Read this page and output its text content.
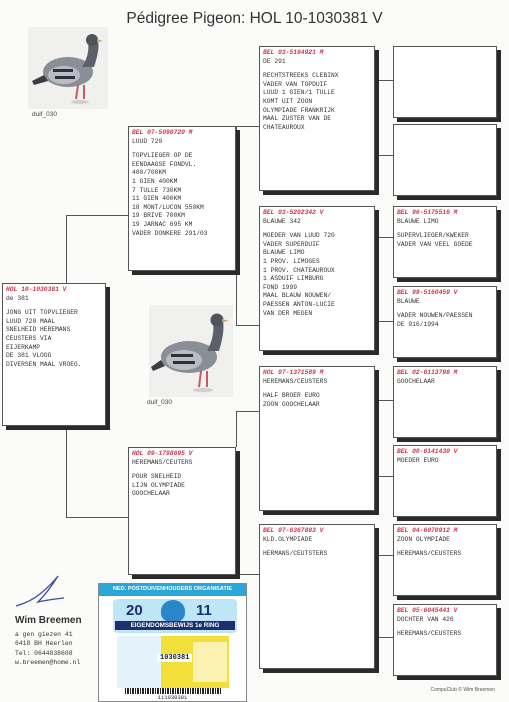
Pédigree Pigeon: HOL 10-1030381 V
duif_030
duif_030
HOL 10-1030381 V
de 381
JONG UIT TOPVLIEGER
LUUD 720 MAAL
SNELHEID HEREMANS
CEUSTERS VIA
EIJERKAMP
DE 381 VLOOG
DIVERSEN MAAL VROEG.
BEL 07-5090720 M
LUUD 720
TOPVLIEGER OP DE
EENDAAGSE FONDVL.
400/700KM
1 GIEN 400KM
7 TULLE 730KM
11 GIEN 400KM
18 MONT/LUCON 550KM
19 BRIVE 700KM
19 JARNAC 695 KM
VADER DONKERE 291/03
HOL 09-1798695 V
HEREMANS/CEUTERS
POUR SNELHEID
LIJN OLYMPIADE
GOOCHELAAR
BEL 03-5194921 M
DE 291
RECHTSTREEKS CLEBINX
VADER VAN TOPDUIF
LUUD 1 GIEN/1 TULLE
KOMT UIT ZOON
OLYMPIADE FRANKRIJK
MAAL ZUSTER VAN DE
CHATEAUROUX
BEL 03-5202342 V
BLAUWE 342
MOEDER VAN LUUD 720
VADER SUPERDUIF
BLAUWE LIMO
1 PROV. LIMOGES
1 PROV. CHATEAUROUX
1 ASDUIF LIMBURG
FOND 1999
MAAL BLAUW NOUWEN/
PAESSEN ANTON-LUCIE
VAN DER MEGEN
HOL 07-1371589 M
HEREMANS/CEUSTERS
HALF BROER EURO
ZOON GOOCHELAAR
BEL 07-6367883 V
KLD.OLYMPIADE
HERMANS/CEUTSTERS
BEL 96-5175516 M
BLAUWE LIMO
SUPERVLIEGER/KWEKER
VADER VAN VEEL GOEDE
BEL 99-5160459 V
BLAUWE
VADER NOUWEN/PAESSEN
DE 916/1994
BEL 02-6113798 M
GOOCHELAAR
BEL 00-6141430 V
MOEDER EURO
BEL 04-6070912 M
ZOON OLYMPIADE
HEREMANS/CEUSTERS
BEL 05-6045441 V
DOCHTER VAN 426
HEREMANS/CEUSTERS
Wim Breemen
a gen giezen 41
6418 BH Heerlen
Tel: 0644838608
w.breemen@home.nl
NED. POSTDUIVENHOUDERS ORGANISATIE
20	11
EIGENDOMSBEWIJS 1e RING
1030381
111030381
CompuClub © Wim Breemen
